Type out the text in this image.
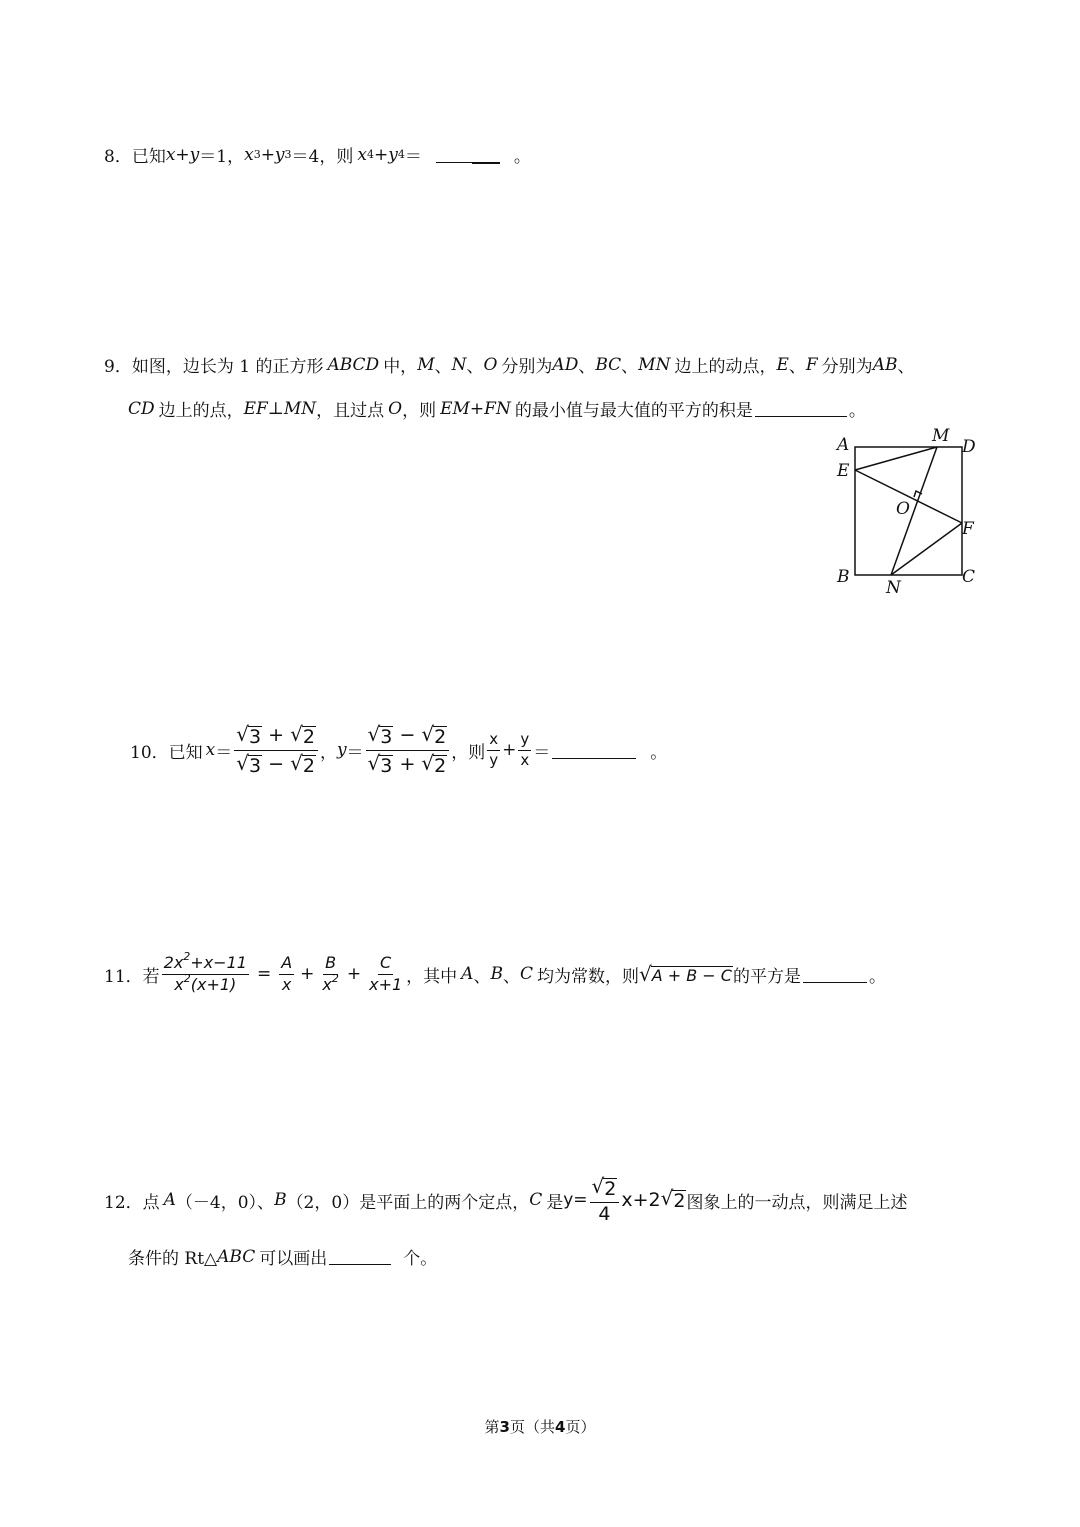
8． 已知 x+y ＝1， x 3 +y 3 ＝4，则 x 4 +y 4 ＝	。
9． 如图，边长为 1 的正方形 ABCD 中， M 、 N 、 O 分别为 AD 、 BC 、 MN 边上的动点， E 、 F 分别为 AB 、
CD 边上的点， EF ⊥ MN ，且过点 O ，则 EM+FN 的最小值与最大值的平方的积是	。
A	M
D
E
O
F
B	C
N
10．已知 $x = \frac{√ 3 + √ 2}{√ 3 - √ 2}$ ， $y = \frac{√ 3 - √ 2}{√ 3 + √ 2}$ ，则 $\frac{x}{y} + \frac{y}{x}$ ＝	。
11．若 $\frac{2x^2+x-11}{x^2(x+1)} = \frac{A}{x} + \frac{B}{x^2} + \frac{C}{x+1}$ ，其中 A 、 B 、 C 均为常数，则 √ A + B − C 的平方是	。
12．点 A （－4，0）、 B （2，0）是平面上的两个定点， C 是 $y= \frac{√ 2}{4} x+2$ √ 2 图象上的一动点，则满足上述
条件的 Rt△ ABC 可以画出	个。
第3页（共4页）
